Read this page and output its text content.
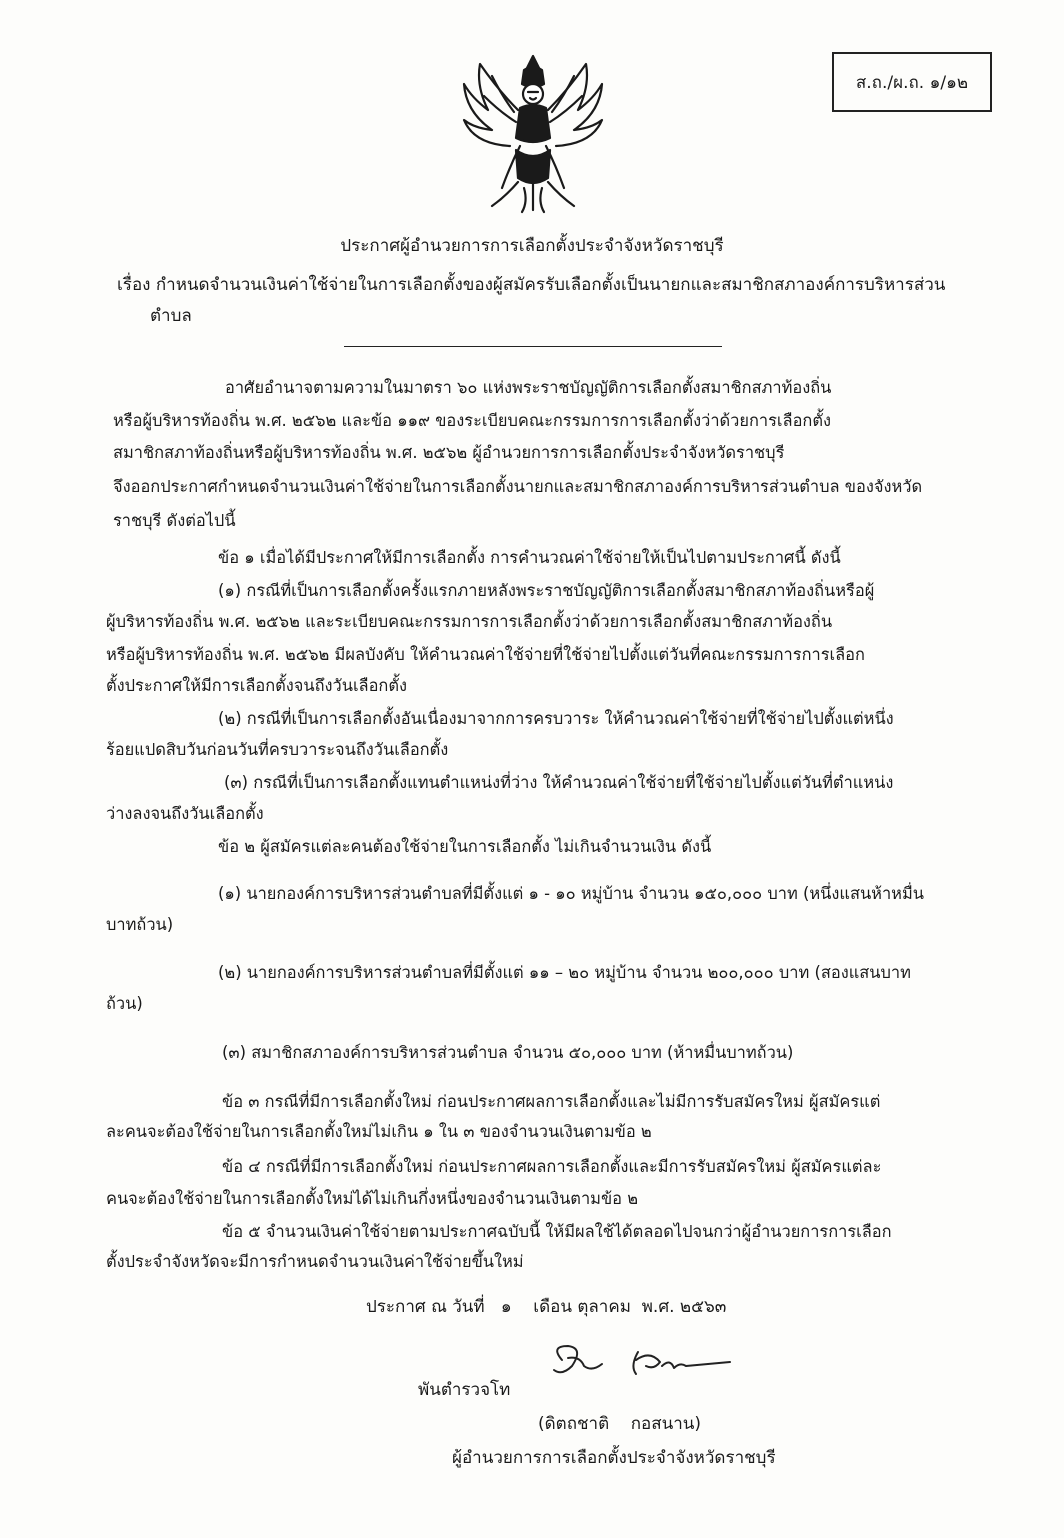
ส.ถ./ผ.ถ. ๑/๑๒
ประกาศผู้อำนวยการการเลือกตั้งประจำจังหวัดราชบุรี
เรื่อง กำหนดจำนวนเงินค่าใช้จ่ายในการเลือกตั้งของผู้สมัครรับเลือกตั้งเป็นนายกและสมาชิกสภาองค์การบริหารส่วน
ตำบล
อาศัยอำนาจตามความในมาตรา ๖๐ แห่งพระราชบัญญัติการเลือกตั้งสมาชิกสภาท้องถิ่น
หรือผู้บริหารท้องถิ่น พ.ศ. ๒๕๖๒ และข้อ ๑๑๙ ของระเบียบคณะกรรมการการเลือกตั้งว่าด้วยการเลือกตั้ง
สมาชิกสภาท้องถิ่นหรือผู้บริหารท้องถิ่น พ.ศ. ๒๕๖๒ ผู้อำนวยการการเลือกตั้งประจำจังหวัดราชบุรี
จึงออกประกาศกำหนดจำนวนเงินค่าใช้จ่ายในการเลือกตั้งนายกและสมาชิกสภาองค์การบริหารส่วนตำบล ของจังหวัด
ราชบุรี ดังต่อไปนี้
ข้อ ๑ เมื่อได้มีประกาศให้มีการเลือกตั้ง การคำนวณค่าใช้จ่ายให้เป็นไปตามประกาศนี้ ดังนี้
(๑) กรณีที่เป็นการเลือกตั้งครั้งแรกภายหลังพระราชบัญญัติการเลือกตั้งสมาชิกสภาท้องถิ่นหรือผู้
ผู้บริหารท้องถิ่น พ.ศ. ๒๕๖๒ และระเบียบคณะกรรมการการเลือกตั้งว่าด้วยการเลือกตั้งสมาชิกสภาท้องถิ่น
หรือผู้บริหารท้องถิ่น พ.ศ. ๒๕๖๒ มีผลบังคับ ให้คำนวณค่าใช้จ่ายที่ใช้จ่ายไปตั้งแต่วันที่คณะกรรมการการเลือก
ตั้งประกาศให้มีการเลือกตั้งจนถึงวันเลือกตั้ง
(๒) กรณีที่เป็นการเลือกตั้งอันเนื่องมาจากการครบวาระ ให้คำนวณค่าใช้จ่ายที่ใช้จ่ายไปตั้งแต่หนึ่ง
ร้อยแปดสิบวันก่อนวันที่ครบวาระจนถึงวันเลือกตั้ง
(๓) กรณีที่เป็นการเลือกตั้งแทนตำแหน่งที่ว่าง ให้คำนวณค่าใช้จ่ายที่ใช้จ่ายไปตั้งแต่วันที่ตำแหน่ง
ว่างลงจนถึงวันเลือกตั้ง
ข้อ ๒ ผู้สมัครแต่ละคนต้องใช้จ่ายในการเลือกตั้ง ไม่เกินจำนวนเงิน ดังนี้
(๑) นายกองค์การบริหารส่วนตำบลที่มีตั้งแต่ ๑ - ๑๐ หมู่บ้าน จำนวน ๑๕๐,๐๐๐ บาท (หนึ่งแสนห้าหมื่น
บาทถ้วน)
(๒) นายกองค์การบริหารส่วนตำบลที่มีตั้งแต่ ๑๑ – ๒๐ หมู่บ้าน จำนวน ๒๐๐,๐๐๐ บาท (สองแสนบาท
ถ้วน)
(๓) สมาชิกสภาองค์การบริหารส่วนตำบล จำนวน ๕๐,๐๐๐ บาท (ห้าหมื่นบาทถ้วน)
ข้อ ๓ กรณีที่มีการเลือกตั้งใหม่ ก่อนประกาศผลการเลือกตั้งและไม่มีการรับสมัครใหม่ ผู้สมัครแต่
ละคนจะต้องใช้จ่ายในการเลือกตั้งใหม่ไม่เกิน ๑ ใน ๓ ของจำนวนเงินตามข้อ ๒
ข้อ ๔ กรณีที่มีการเลือกตั้งใหม่ ก่อนประกาศผลการเลือกตั้งและมีการรับสมัครใหม่ ผู้สมัครแต่ละ
คนจะต้องใช้จ่ายในการเลือกตั้งใหม่ได้ไม่เกินกึ่งหนึ่งของจำนวนเงินตามข้อ ๒
ข้อ ๕ จำนวนเงินค่าใช้จ่ายตามประกาศฉบับนี้ ให้มีผลใช้ได้ตลอดไปจนกว่าผู้อำนวยการการเลือก
ตั้งประจำจังหวัดจะมีการกำหนดจำนวนเงินค่าใช้จ่ายขึ้นใหม่
ประกาศ ณ วันที่   ๑    เดือน ตุลาคม  พ.ศ. ๒๕๖๓
พันตำรวจโท
(ดิตถชาติ    กอสนาน)
ผู้อำนวยการการเลือกตั้งประจำจังหวัดราชบุรี
